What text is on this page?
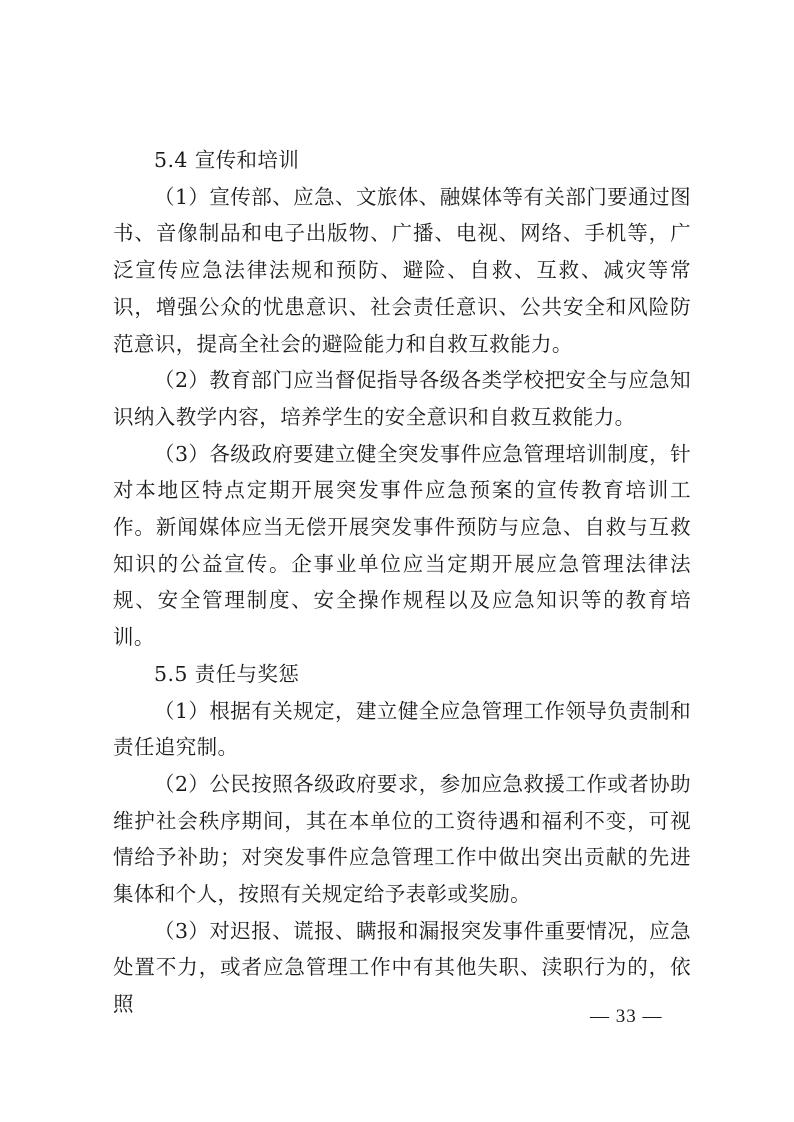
5.4 宣传和培训

（1）宣传部、应急、文旅体、融媒体等有关部门要通过图书、音像制品和电子出版物、广播、电视、网络、手机等，广泛宣传应急法律法规和预防、避险、自救、互救、减灾等常识，增强公众的忧患意识、社会责任意识、公共安全和风险防范意识，提高全社会的避险能力和自救互救能力。

（2）教育部门应当督促指导各级各类学校把安全与应急知识纳入教学内容，培养学生的安全意识和自救互救能力。

（3）各级政府要建立健全突发事件应急管理培训制度，针对本地区特点定期开展突发事件应急预案的宣传教育培训工作。新闻媒体应当无偿开展突发事件预防与应急、自救与互救知识的公益宣传。企事业单位应当定期开展应急管理法律法规、安全管理制度、安全操作规程以及应急知识等的教育培训。

5.5 责任与奖惩

（1）根据有关规定，建立健全应急管理工作领导负责制和责任追究制。

（2）公民按照各级政府要求，参加应急救援工作或者协助维护社会秩序期间，其在本单位的工资待遇和福利不变，可视情给予补助；对突发事件应急管理工作中做出突出贡献的先进集体和个人，按照有关规定给予表彰或奖励。

（3）对迟报、谎报、瞒报和漏报突发事件重要情况，应急处置不力，或者应急管理工作中有其他失职、渎职行为的，依照

— 33 —
